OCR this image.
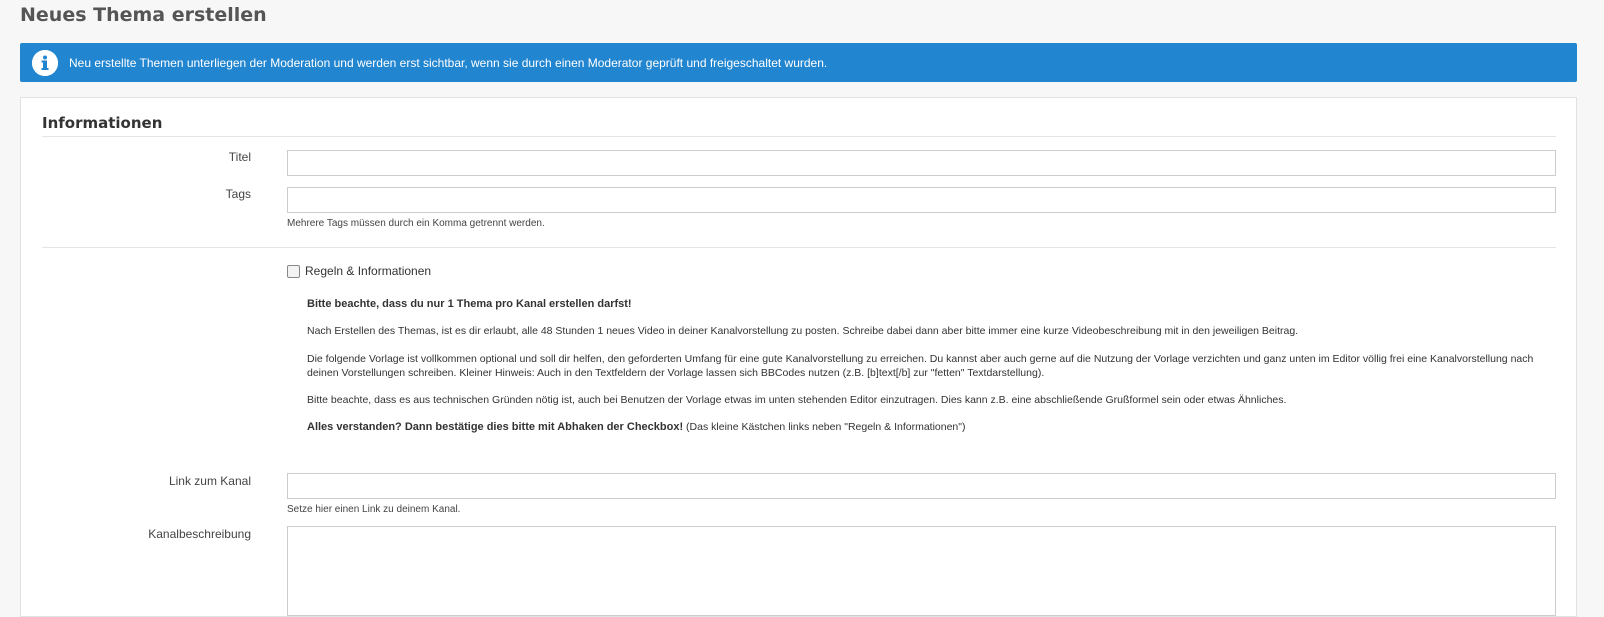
Neues Thema erstellen
Neu erstellte Themen unterliegen der Moderation und werden erst sichtbar, wenn sie durch einen Moderator geprüft und freigeschaltet wurden.
Informationen
Titel
Tags
Mehrere Tags müssen durch ein Komma getrennt werden.
Regeln & Informationen

Bitte beachte, dass du nur 1 Thema pro Kanal erstellen darfst!

Nach Erstellen des Themas, ist es dir erlaubt, alle 48 Stunden 1 neues Video in deiner Kanalvorstellung zu posten. Schreibe dabei dann aber bitte immer eine kurze Videobeschreibung mit in den jeweiligen Beitrag.

Die folgende Vorlage ist vollkommen optional und soll dir helfen, den geforderten Umfang für eine gute Kanalvorstellung zu erreichen. Du kannst aber auch gerne auf die Nutzung der Vorlage verzichten und ganz unten im Editor völlig frei eine Kanalvorstellung nach deinen Vorstellungen schreiben. Kleiner Hinweis: Auch in den Textfeldern der Vorlage lassen sich BBCodes nutzen (z.B. [b]text[/b] zur "fetten" Textdarstellung).

Bitte beachte, dass es aus technischen Gründen nötig ist, auch bei Benutzen der Vorlage etwas im unten stehenden Editor einzutragen. Dies kann z.B. eine abschließende Grußformel sein oder etwas Ähnliches.

Alles verstanden? Dann bestätige dies bitte mit Abhaken der Checkbox! (Das kleine Kästchen links neben "Regeln & Informationen")

Link zum Kanal
Setze hier einen Link zu deinem Kanal.
Kanalbeschreibung
